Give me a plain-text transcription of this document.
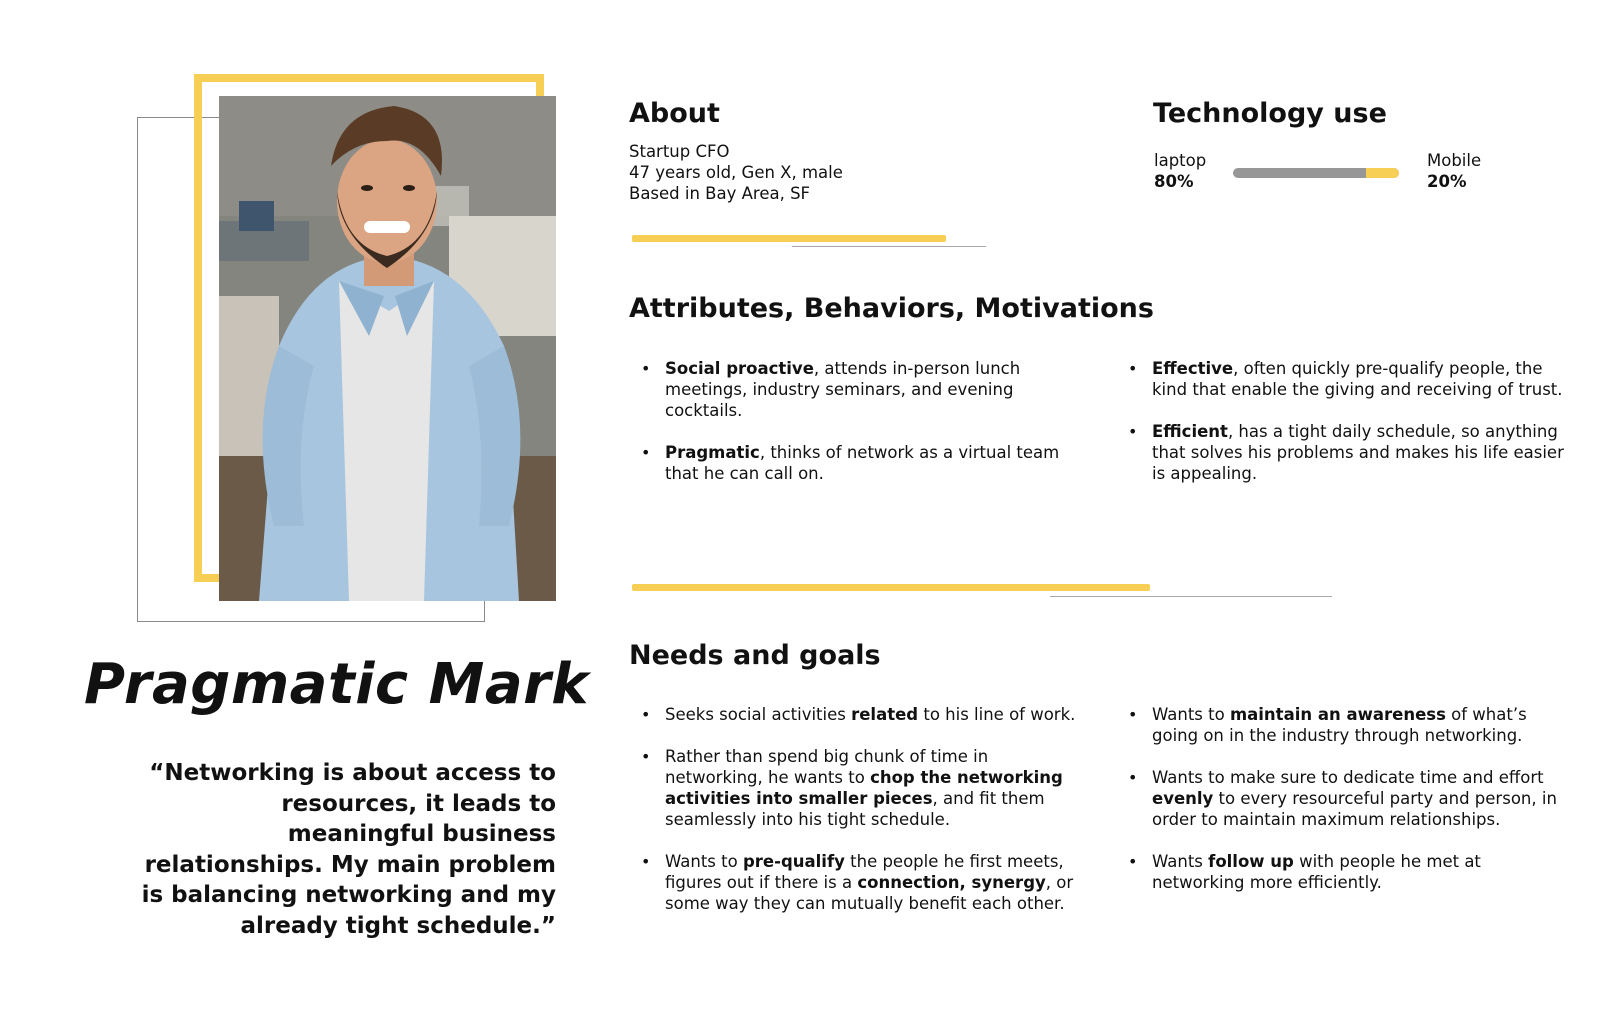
Pragmatic Mark
“Networking is about access to resources, it leads to meaningful business relationships. My main problem is balancing networking and my already tight schedule.”
About
Startup CFO
47 years old, Gen X, male
Based in Bay Area, SF
Technology use
laptop
80%
Mobile
20%
Attributes, Behaviors, Motivations
• Social proactive, attends in-person lunch meetings, industry seminars, and evening cocktails.
• Pragmatic, thinks of network as a virtual team that he can call on.
• Effective, often quickly pre-qualify people, the kind that enable the giving and receiving of trust.
• Efficient, has a tight daily schedule, so anything that solves his problems and makes his life easier is appealing.
Needs and goals
• Seeks social activities related to his line of work.
• Rather than spend big chunk of time in networking, he wants to chop the networking activities into smaller pieces, and fit them seamlessly into his tight schedule.
• Wants to pre-qualify the people he first meets, figures out if there is a connection, synergy, or some way they can mutually benefit each other.
• Wants to maintain an awareness of what’s going on in the industry through networking.
• Wants to make sure to dedicate time and effort evenly to every resourceful party and person, in order to maintain maximum relationships.
• Wants follow up with people he met at networking more efficiently.
